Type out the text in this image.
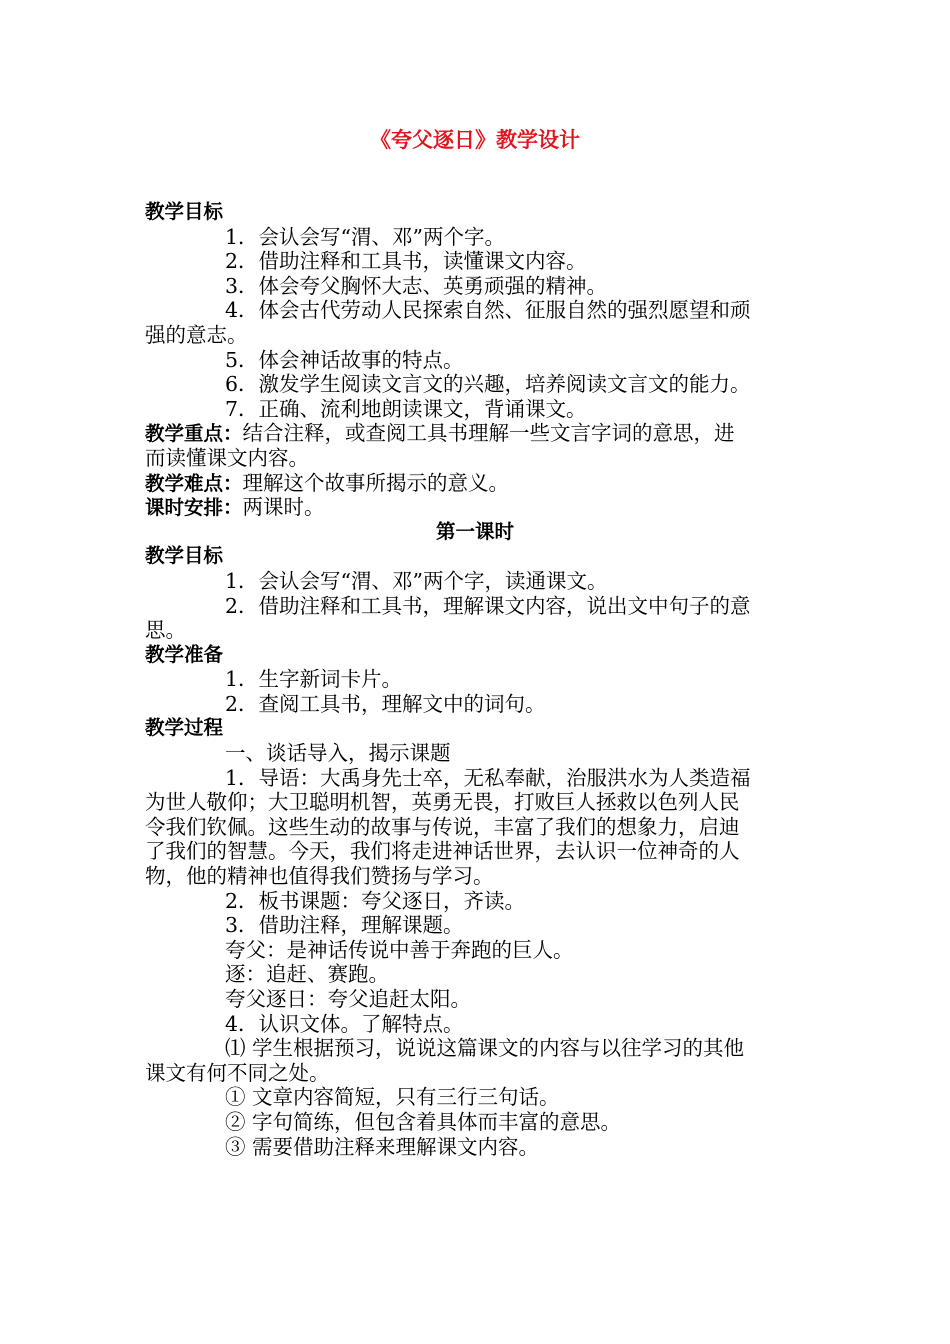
《夸父逐日》教学设计
教学目标
1．会认会写“渭、邓”两个字。
2．借助注释和工具书，读懂课文内容。
3．体会夸父胸怀大志、英勇顽强的精神。
4．体会古代劳动人民探索自然、征服自然的强烈愿望和顽
强的意志。
5．体会神话故事的特点。
6．激发学生阅读文言文的兴趣，培养阅读文言文的能力。
7．正确、流利地朗读课文，背诵课文。
教学重点：结合注释，或查阅工具书理解一些文言字词的意思，进
而读懂课文内容。
教学难点：理解这个故事所揭示的意义。
课时安排：两课时。
第一课时
教学目标
1．会认会写“渭、邓”两个字，读通课文。
2．借助注释和工具书，理解课文内容，说出文中句子的意
思。
教学准备
1．生字新词卡片。
2．查阅工具书，理解文中的词句。
教学过程
一、谈话导入，揭示课题
1．导语：大禹身先士卒，无私奉献，治服洪水为人类造福
为世人敬仰；大卫聪明机智，英勇无畏，打败巨人拯救以色列人民
令我们钦佩。这些生动的故事与传说，丰富了我们的想象力，启迪
了我们的智慧。今天，我们将走进神话世界，去认识一位神奇的人
物，他的精神也值得我们赞扬与学习。
2．板书课题：夸父逐日，齐读。
3．借助注释，理解课题。
夸父：是神话传说中善于奔跑的巨人。
逐：追赶、赛跑。
夸父逐日：夸父追赶太阳。
4．认识文体。了解特点。
⑴ 学生根据预习，说说这篇课文的内容与以往学习的其他
课文有何不同之处。
① 文章内容简短，只有三行三句话。
② 字句简练，但包含着具体而丰富的意思。
③ 需要借助注释来理解课文内容。
